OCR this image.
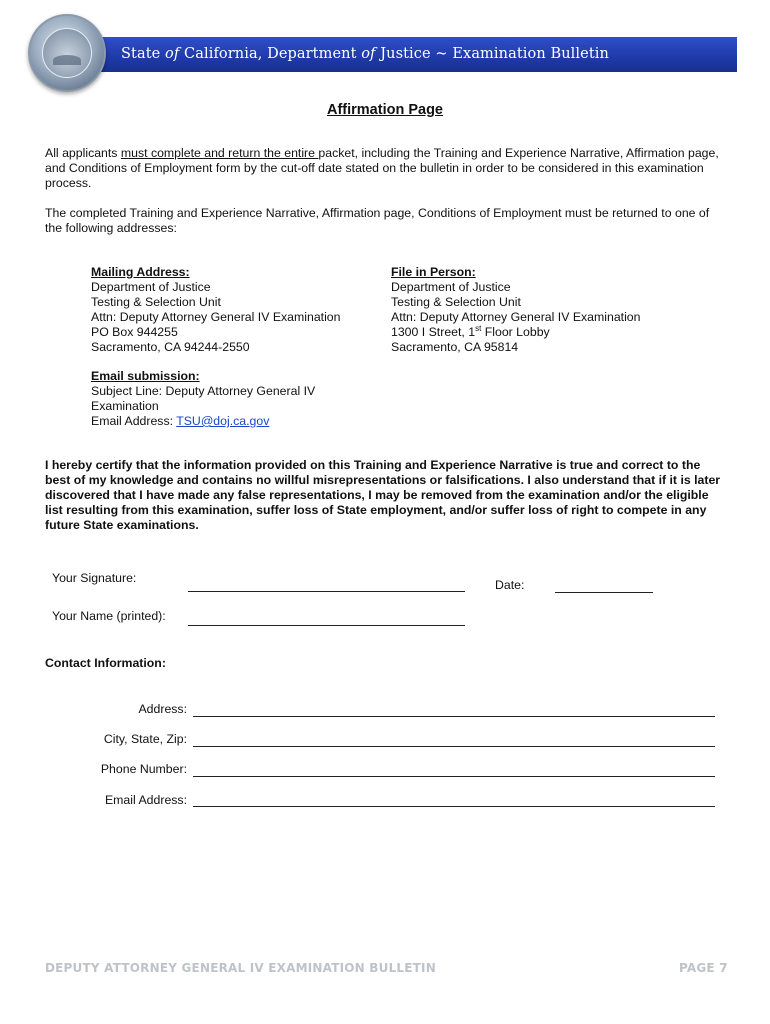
State of California, Department of Justice ~ Examination Bulletin
Affirmation Page
All applicants must complete and return the entire packet, including the Training and Experience Narrative, Affirmation page, and Conditions of Employment form by the cut-off date stated on the bulletin in order to be considered in this examination process.
The completed Training and Experience Narrative, Affirmation page, Conditions of Employment must be returned to one of the following addresses:
Mailing Address:
Department of Justice
Testing & Selection Unit
Attn: Deputy Attorney General IV Examination
PO Box 944255
Sacramento, CA 94244-2550
File in Person:
Department of Justice
Testing & Selection Unit
Attn: Deputy Attorney General IV Examination
1300 I Street, 1st Floor Lobby
Sacramento, CA 95814
Email submission:
Subject Line: Deputy Attorney General IV Examination
Email Address: TSU@doj.ca.gov
I hereby certify that the information provided on this Training and Experience Narrative is true and correct to the best of my knowledge and contains no willful misrepresentations or falsifications. I also understand that if it is later discovered that I have made any false representations, I may be removed from the examination and/or the eligible list resulting from this examination, suffer loss of State employment, and/or suffer loss of right to compete in any future State examinations.
Your Signature:	Date:
Your Name (printed):
Contact Information:
Address:
City, State, Zip:
Phone Number:
Email Address:
DEPUTY ATTORNEY GENERAL IV EXAMINATION BULLETIN	PAGE 7
